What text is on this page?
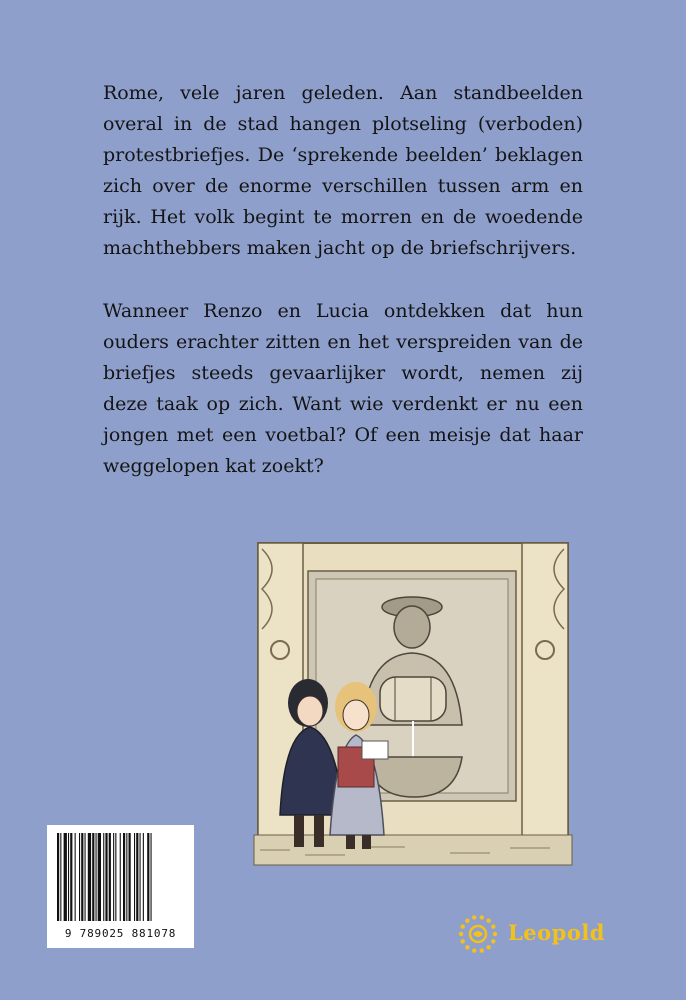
Rome, vele jaren geleden. Aan standbeelden overal in de stad hangen plotseling (verboden) protestbriefjes. De ‘sprekende beelden’ beklagen zich over de enorme verschillen tussen arm en rijk. Het volk begint te morren en de woedende machthebbers maken jacht op de briefschrijvers.

Wanneer Renzo en Lucia ontdekken dat hun ouders erachter zitten en het verspreiden van de briefjes steeds gevaarlijker wordt, nemen zij deze taak op zich. Want wie verdenkt er nu een jongen met een voetbal? Of een meisje dat haar weggelopen kat zoekt?

9 789025 881078	Leopold
